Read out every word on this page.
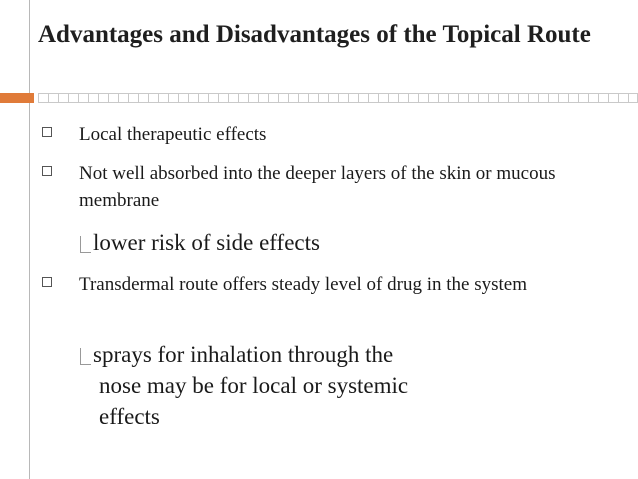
Advantages and Disadvantages of the Topical Route
Local therapeutic effects
Not well absorbed into the deeper layers of the skin or mucous membrane
lower risk of side effects
Transdermal route offers steady level of drug in the system
sprays for inhalation through the
nose may be for local or systemic
effects
